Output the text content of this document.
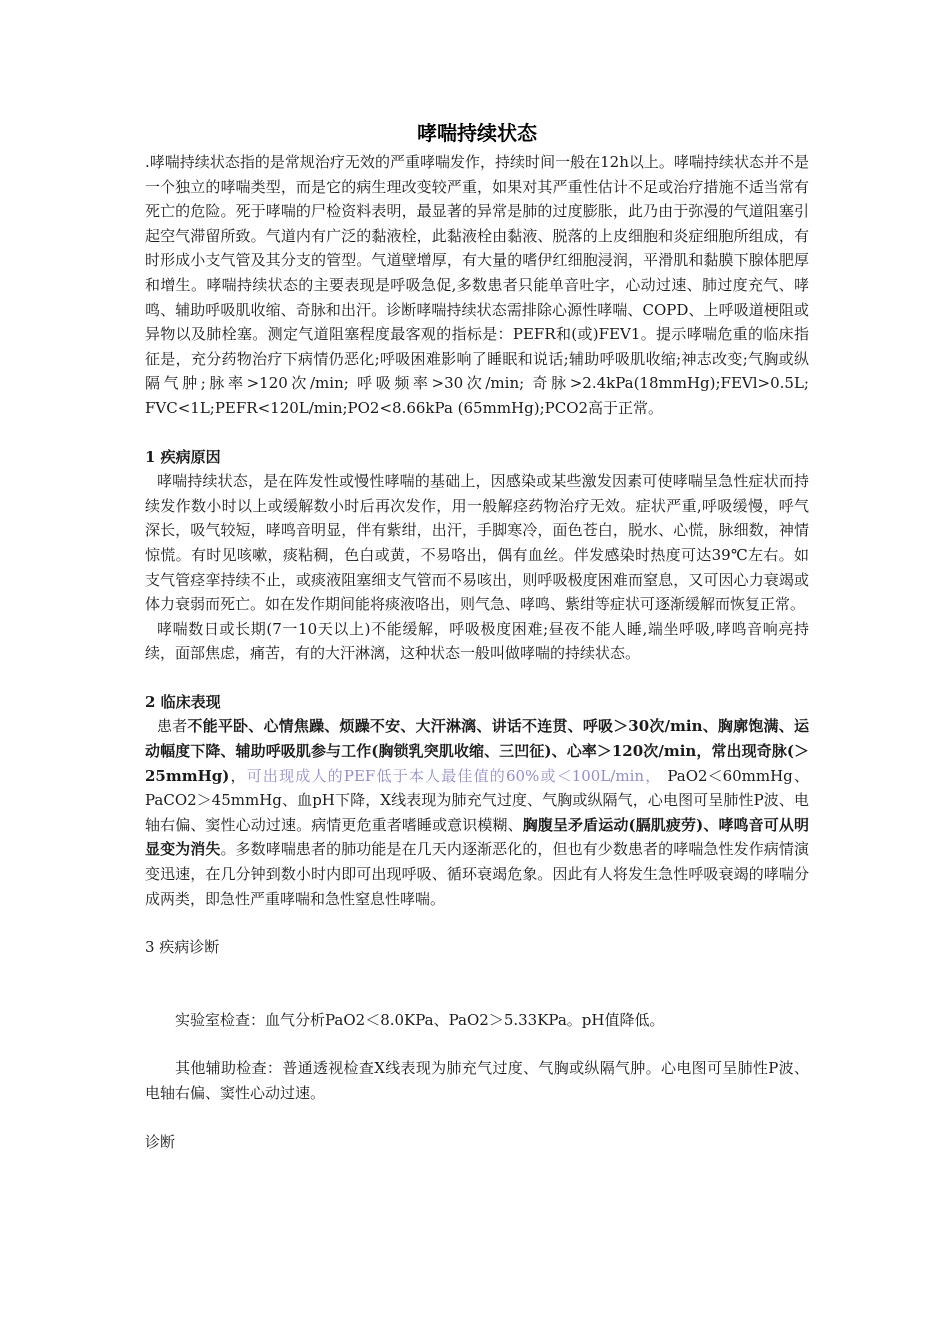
哮喘持续状态

.哮喘持续状态指的是常规治疗无效的严重哮喘发作，持续时间一般在12h以上。哮喘持续状态并不是一个独立的哮喘类型，而是它的病生理改变较严重，如果对其严重性估计不足或治疗措施不适当常有死亡的危险。死于哮喘的尸检资料表明，最显著的异常是肺的过度膨胀，此乃由于弥漫的气道阻塞引起空气滞留所致。气道内有广泛的黏液栓，此黏液栓由黏液、脱落的上皮细胞和炎症细胞所组成，有时形成小支气管及其分支的管型。气道壁增厚，有大量的嗜伊红细胞浸润，平滑肌和黏膜下腺体肥厚和增生。哮喘持续状态的主要表现是呼吸急促,多数患者只能单音吐字，心动过速、肺过度充气、哮鸣、辅助呼吸肌收缩、奇脉和出汗。诊断哮喘持续状态需排除心源性哮喘、COPD、上呼吸道梗阻或异物以及肺栓塞。测定气道阻塞程度最客观的指标是：PEFR和(或)FEV1。提示哮喘危重的临床指征是，充分药物治疗下病情仍恶化;呼吸困难影响了睡眠和说话;辅助呼吸肌收缩;神志改变;气胸或纵隔气肿;脉率>120次/min; 呼吸频率>30次/min; 奇脉>2.4kPa(18mmHg);FEVl>0.5L; FVC<1L;PEFR<120L/min;PO2<8.66kPa (65mmHg);PCO2高于正常。

1 疾病原因

哮喘持续状态，是在阵发性或慢性哮喘的基础上，因感染或某些激发因素可使哮喘呈急性症状而持续发作数小时以上或缓解数小时后再次发作，用一般解痉药物治疗无效。症状严重,呼吸缓慢，呼气深长，吸气较短，哮鸣音明显，伴有紫绀，出汗，手脚寒冷，面色苍白，脱水、心慌，脉细数，神情惊慌。有时见咳嗽，痰粘稠，色白或黄，不易咯出，偶有血丝。伴发感染时热度可达39℃左右。如支气管痉挛持续不止，或痰液阻塞细支气管而不易咳出，则呼吸极度困难而窒息，又可因心力衰竭或体力衰弱而死亡。如在发作期间能将痰液咯出，则气急、哮鸣、紫绀等症状可逐渐缓解而恢复正常。

哮喘数日或长期(7一10天以上)不能缓解，呼吸极度困难;昼夜不能人睡,端坐呼吸,哮鸣音响亮持续，面部焦虑，痛苦，有的大汗淋漓，这种状态一般叫做哮喘的持续状态。

2 临床表现

患者不能平卧、心情焦躁、烦躁不安、大汗淋漓、讲话不连贯、呼吸＞30次/min、胸廓饱满、运动幅度下降、辅助呼吸肌参与工作(胸锁乳突肌收缩、三凹征)、心率＞120次/min，常出现奇脉(＞25mmHg)，可出现成人的PEF低于本人最佳值的60%或＜100L/min， PaO2＜60mmHg、PaCO2＞45mmHg、血pH下降，X线表现为肺充气过度、气胸或纵隔气，心电图可呈肺性P波、电轴右偏、窦性心动过速。病情更危重者嗜睡或意识模糊、胸腹呈矛盾运动(膈肌疲劳)、哮鸣音可从明显变为消失。多数哮喘患者的肺功能是在几天内逐渐恶化的，但也有少数患者的哮喘急性发作病情演变迅速，在几分钟到数小时内即可出现呼吸、循环衰竭危象。因此有人将发生急性呼吸衰竭的哮喘分成两类，即急性严重哮喘和急性窒息性哮喘。

3 疾病诊断

实验室检查：血气分析PaO2＜8.0KPa、PaO2＞5.33KPa。pH值降低。

其他辅助检查：普通透视检查X线表现为肺充气过度、气胸或纵隔气肿。心电图可呈肺性P波、电轴右偏、窦性心动过速。

诊断
